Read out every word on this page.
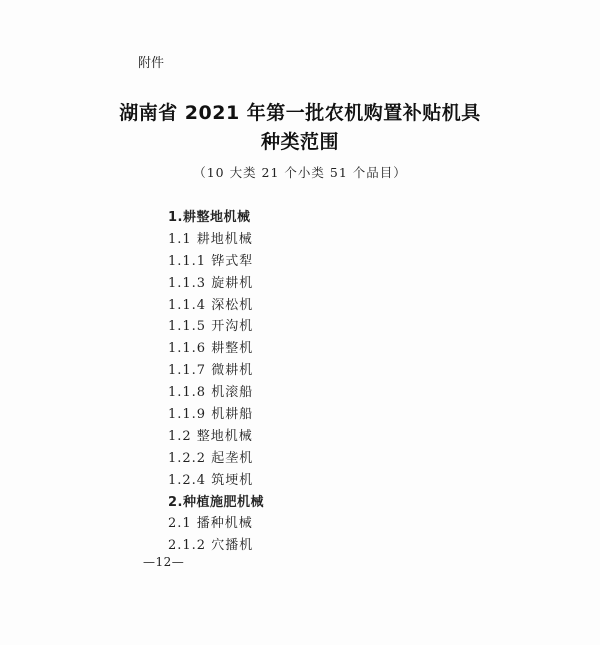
附件
湖南省 2021 年第一批农机购置补贴机具
种类范围
（10 大类 21 个小类 51 个品目）
1.耕整地机械
1.1 耕地机械
1.1.1 铧式犁
1.1.3 旋耕机
1.1.4 深松机
1.1.5 开沟机
1.1.6 耕整机
1.1.7 微耕机
1.1.8 机滚船
1.1.9 机耕船
1.2 整地机械
1.2.2 起垄机
1.2.4 筑埂机
2.种植施肥机械
2.1 播种机械
2.1.2 穴播机
—12—
